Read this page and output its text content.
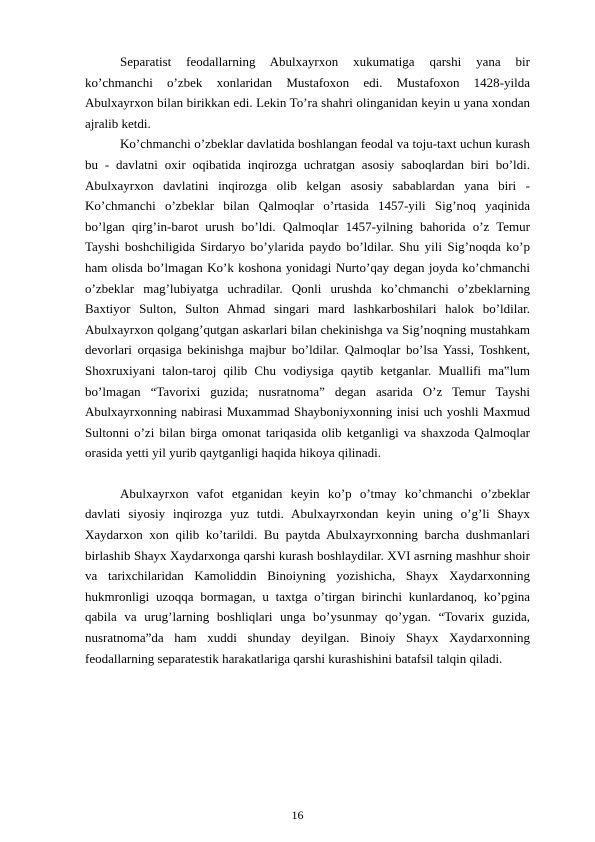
Separatist feodallarning Abulxayrxon xukumatiga qarshi yana bir ko’chmanchi o’zbek xonlaridan Mustafoxon edi. Mustafoxon 1428-yilda Abulxayrxon bilan birikkan edi. Lekin To’ra shahri olinganidan keyin u yana xondan ajralib ketdi.

Ko’chmanchi o’zbeklar davlatida boshlangan feodal va toju-taxt uchun kurash bu - davlatni oxir oqibatida inqirozga uchratgan asosiy saboqlardan biri bo’ldi. Abulxayrxon davlatini inqirozga olib kelgan asosiy sabablardan yana biri - Ko’chmanchi o’zbeklar bilan Qalmoqlar o’rtasida 1457-yili Sig’noq yaqinida bo’lgan qirg’in-barot urush bo’ldi. Qalmoqlar 1457-yilning bahorida o’z Temur Tayshi boshchiligida Sirdaryo bo’ylarida paydo bo’ldilar. Shu yili Sig’noqda ko’p ham olisda bo’lmagan Ko’k koshona yonidagi Nurto’qay degan joyda ko’chmanchi o’zbeklar mag’lubiyatga uchradilar. Qonli urushda ko’chmanchi o’zbeklarning Baxtiyor Sulton, Sulton Ahmad singari mard lashkarboshilari halok bo’ldilar. Abulxayrxon qolgang’qutgan askarlari bilan chekinishga va Sig’noqning mustahkam devorlari orqasiga bekinishga majbur bo’ldilar. Qalmoqlar bo’lsa Yassi, Toshkent, Shoxruxiyani talon-taroj qilib Chu vodiysiga qaytib ketganlar. Muallifi ma‟lum bo’lmagan “Tavorixi guzida; nusratnoma” degan asarida O’z Temur Tayshi Abulxayrxonning nabirasi Muxammad Shayboniyxonning inisi uch yoshli Maxmud Sultonni o’zi bilan birga omonat tariqasida olib ketganligi va shaxzoda Qalmoqlar orasida yetti yil yurib qaytganligi haqida hikoya qilinadi.

Abulxayrxon vafot etganidan keyin ko’p o’tmay ko’chmanchi o’zbeklar davlati siyosiy inqirozga yuz tutdi. Abulxayrxondan keyin uning o’g’li Shayx Xaydarxon xon qilib ko’tarildi. Bu paytda Abulxayrxonning barcha dushmanlari birlashib Shayx Xaydarxonga qarshi kurash boshlaydilar. XVI asrning mashhur shoir va tarixchilaridan Kamoliddin Binoiyning yozishicha, Shayx Xaydarxonning hukmronligi uzoqqa bormagan, u taxtga o’tirgan birinchi kunlardanoq, ko’pgina qabila va urug’larning boshliqlari unga bo’ysunmay qo’ygan. “Tovarix guzida, nusratnoma”da ham xuddi shunday deyilgan. Binoiy Shayx Xaydarxonning feodallarning separatestik harakatlariga qarshi kurashishini batafsil talqin qiladi.

16
